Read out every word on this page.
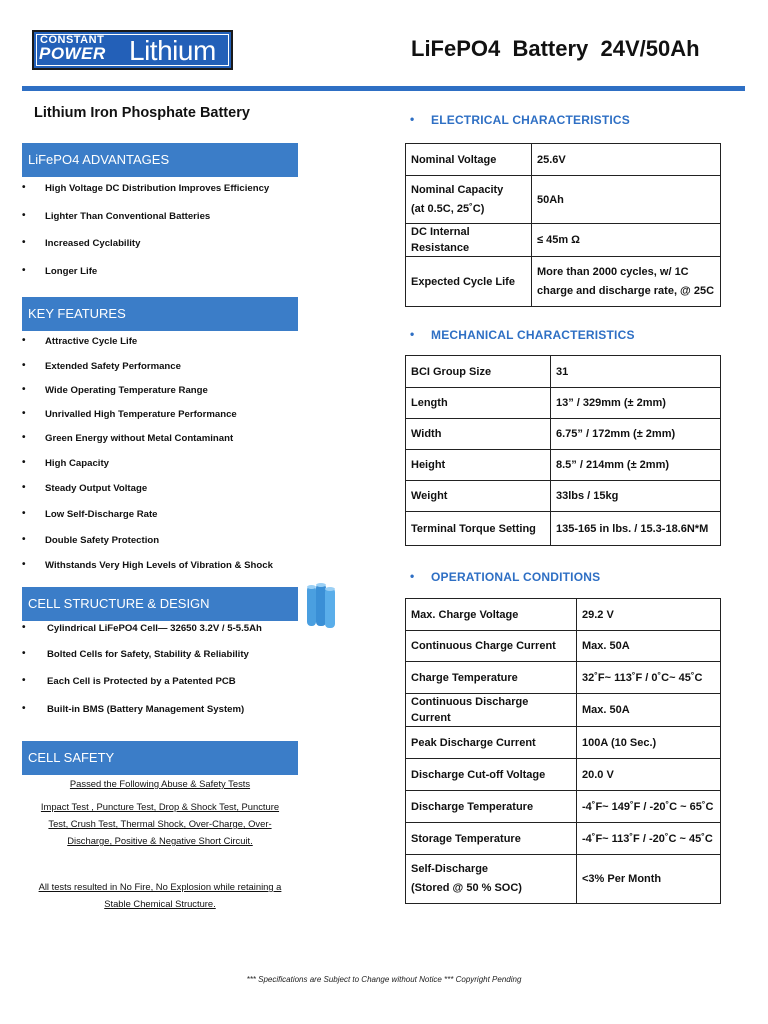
CONSTANT
POWER Lithium	LiFePO4  Battery  24V/50Ah
Lithium Iron Phosphate Battery
LiFePO4 ADVANTAGES
• High Voltage DC Distribution Improves Efficiency
• Lighter Than Conventional Batteries
• Increased Cyclability
• Longer Life
KEY FEATURES
• Attractive Cycle Life
• Extended Safety Performance
• Wide Operating Temperature Range
• Unrivalled High Temperature Performance
• Green Energy without Metal Contaminant
• High Capacity
• Steady Output Voltage
• Low Self-Discharge Rate
• Double Safety Protection
• Withstands Very High Levels of Vibration & Shock
CELL STRUCTURE & DESIGN
• Cylindrical LiFePO4 Cell— 32650 3.2V / 5-5.5Ah
• Bolted Cells for Safety, Stability & Reliability
• Each Cell is Protected by a Patented PCB
• Built-in BMS (Battery Management System)
CELL SAFETY
Passed the Following Abuse & Safety Tests
Impact Test , Puncture Test, Drop & Shock Test, Puncture
Test, Crush Test, Thermal Shock, Over-Charge, Over-
Discharge, Positive & Negative Short Circuit.
All tests resulted in No Fire, No Explosion while retaining a
Stable Chemical Structure.
• ELECTRICAL CHARACTERISTICS
Nominal Voltage	25.6V

Nominal Capacity
(at 0.5C, 25˚C)	50Ah

DC Internal Resistance	≤ 45m Ω

Expected Cycle Life	More than 2000 cycles, w/ 1C
charge and discharge rate, @ 25C
• MECHANICAL CHARACTERISTICS
BCI Group Size	31

Length	13” / 329mm (± 2mm)

Width	6.75” / 172mm (± 2mm)

Height	8.5” / 214mm (± 2mm)

Weight	33lbs / 15kg

Terminal Torque Setting	135-165 in lbs. / 15.3-18.6N*M
• OPERATIONAL CONDITIONS
Max. Charge Voltage	29.2 V

Continuous Charge Current	Max. 50A

Charge Temperature	32˚F~ 113˚F / 0˚C~ 45˚C

Continuous Discharge Current	Max. 50A

Peak Discharge Current	100A (10 Sec.)

Discharge Cut-off Voltage	20.0 V

Discharge Temperature	-4˚F~ 149˚F / -20˚C ~ 65˚C

Storage Temperature	-4˚F~ 113˚F / -20˚C ~ 45˚C

Self-Discharge
(Stored @ 50 % SOC)	<3% Per Month
*** Specifications are Subject to Change without Notice *** Copyright Pending
